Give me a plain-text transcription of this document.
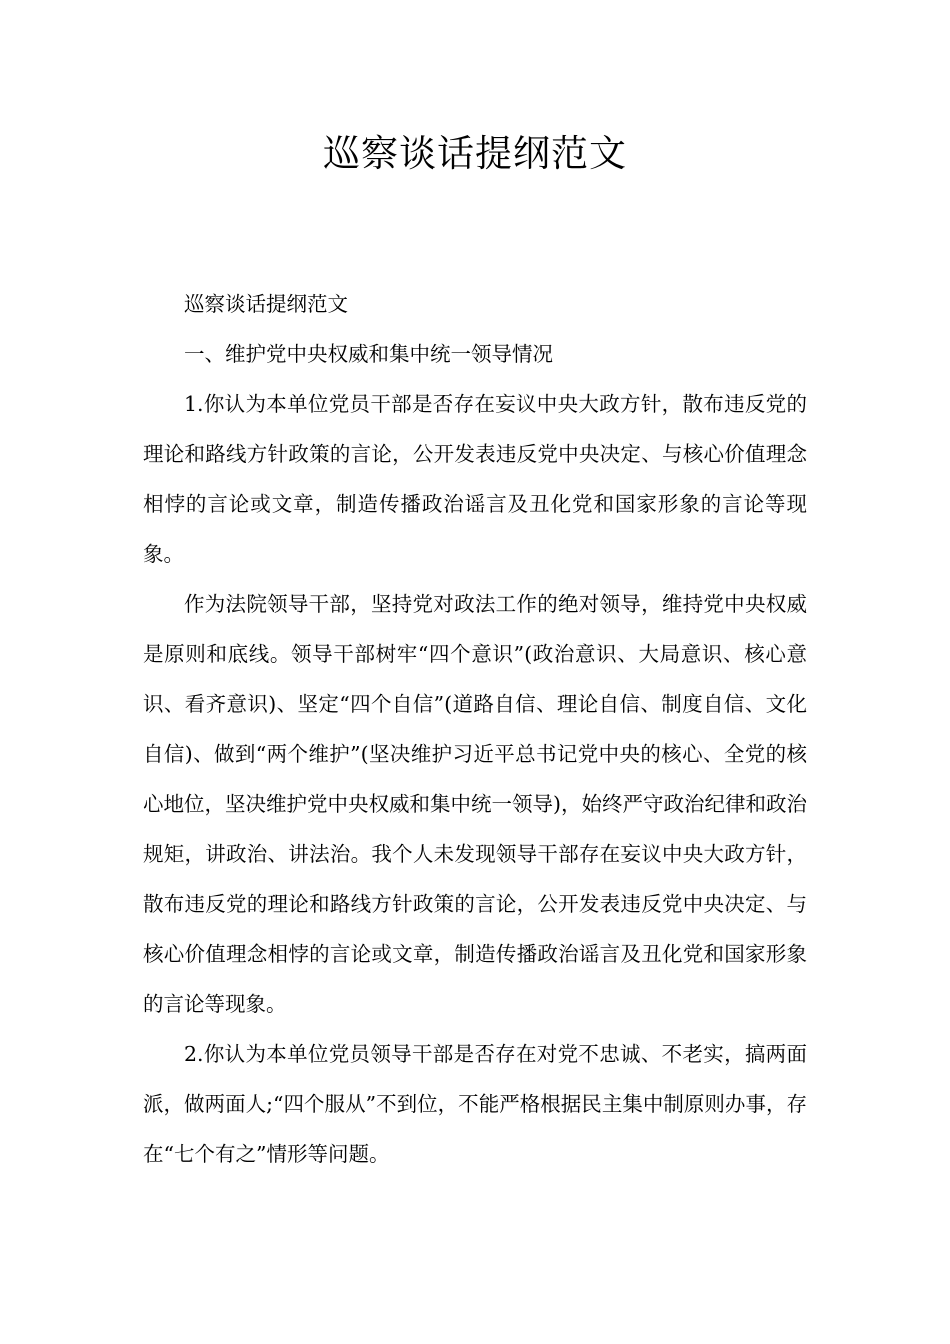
巡察谈话提纲范文

巡察谈话提纲范文

一、维护党中央权威和集中统一领导情况

1.你认为本单位党员干部是否存在妄议中央大政方针，散布违反党的理论和路线方针政策的言论，公开发表违反党中央决定、与核心价值理念相悖的言论或文章，制造传播政治谣言及丑化党和国家形象的言论等现象。

作为法院领导干部，坚持党对政法工作的绝对领导，维持党中央权威是原则和底线。领导干部树牢“四个意识”(政治意识、大局意识、核心意识、看齐意识)、坚定“四个自信”(道路自信、理论自信、制度自信、文化自信)、做到“两个维护”(坚决维护习近平总书记党中央的核心、全党的核心地位，坚决维护党中央权威和集中统一领导)，始终严守政治纪律和政治规矩，讲政治、讲法治。我个人未发现领导干部存在妄议中央大政方针，散布违反党的理论和路线方针政策的言论，公开发表违反党中央决定、与核心价值理念相悖的言论或文章，制造传播政治谣言及丑化党和国家形象的言论等现象。

2.你认为本单位党员领导干部是否存在对党不忠诚、不老实，搞两面派，做两面人;“四个服从”不到位，不能严格根据民主集中制原则办事，存在“七个有之”情形等问题。
